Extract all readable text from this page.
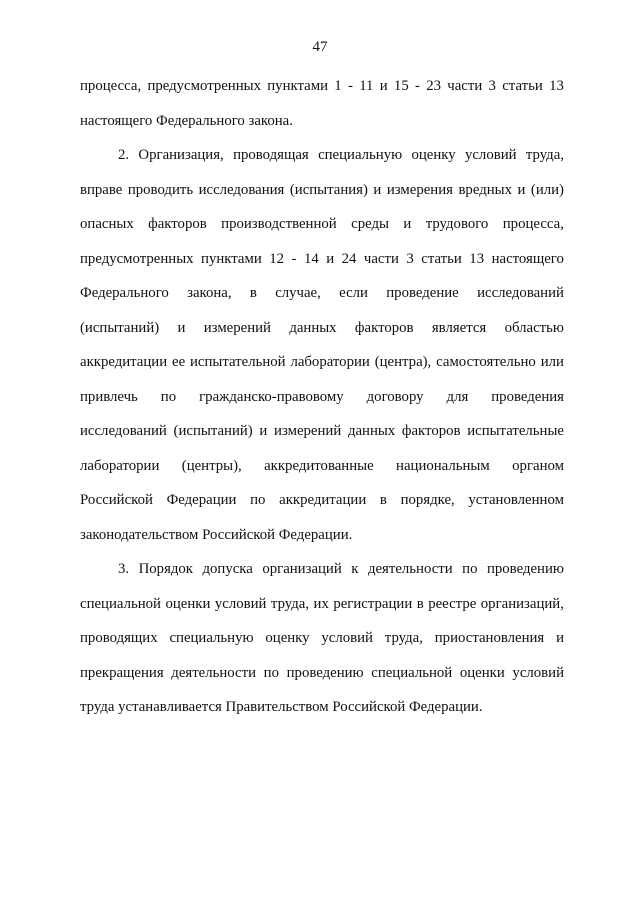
47
процесса, предусмотренных пунктами 1 - 11 и 15 - 23 части 3 статьи 13
настоящего Федерального закона.
2. Организация, проводящая специальную оценку условий труда,
вправе проводить исследования (испытания) и измерения вредных и (или)
опасных факторов производственной среды и трудового процесса,
предусмотренных пунктами 12 - 14 и 24 части 3 статьи 13 настоящего
Федерального закона, в случае, если проведение исследований
(испытаний) и измерений данных факторов является областью
аккредитации ее испытательной лаборатории (центра), самостоятельно или
привлечь по гражданско-правовому договору для проведения
исследований (испытаний) и измерений данных факторов испытательные
лаборатории (центры), аккредитованные национальным органом
Российской Федерации по аккредитации в порядке, установленном
законодательством Российской Федерации.
3. Порядок допуска организаций к деятельности по проведению
специальной оценки условий труда, их регистрации в реестре организаций,
проводящих специальную оценку условий труда, приостановления и
прекращения деятельности по проведению специальной оценки условий
труда устанавливается Правительством Российской Федерации.
